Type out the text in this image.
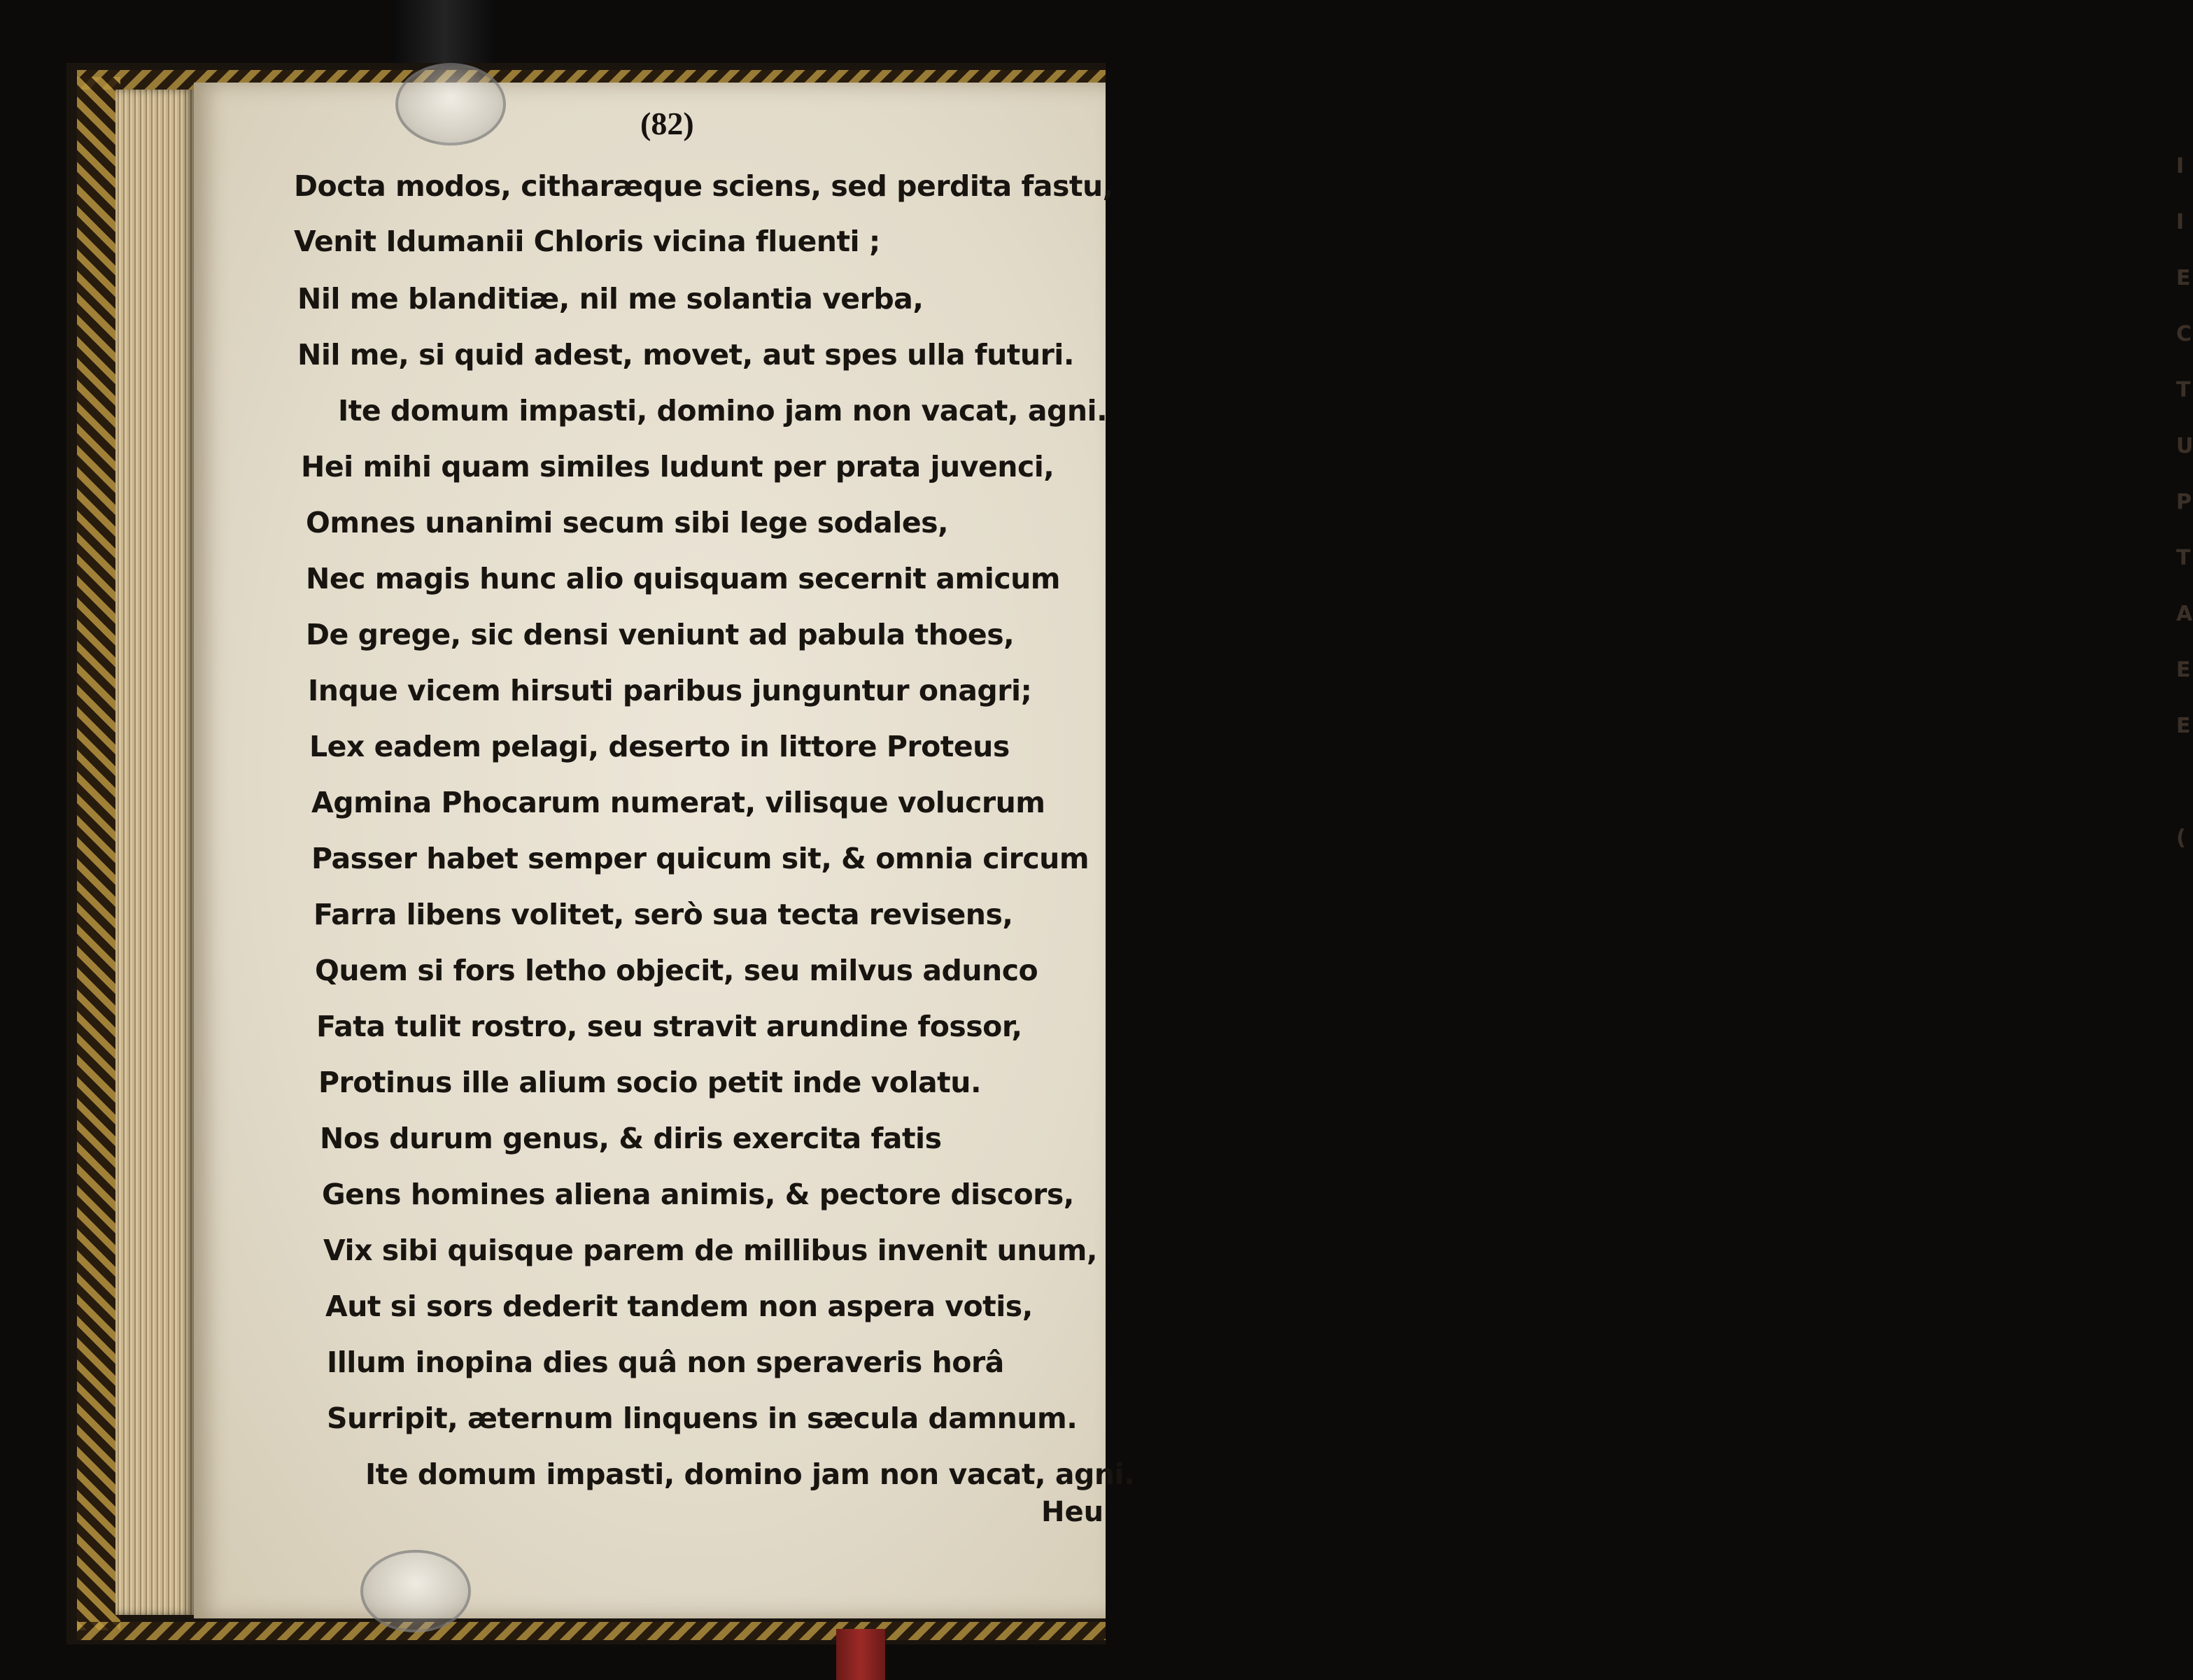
(82)
Docta modos, citharæque sciens, sed perdita fastu,
Venit Idumanii Chloris vicina fluenti ;
Nil me blanditiæ, nil me solantia verba,
Nil me, si quid adest, movet, aut spes ulla futuri.
Ite domum impasti, domino jam non vacat, agni.
Hei mihi quam similes ludunt per prata juvenci,
Omnes unanimi secum sibi lege sodales,
Nec magis hunc alio quisquam secernit amicum
De grege, sic densi veniunt ad pabula thoes,
Inque vicem hirsuti paribus junguntur onagri;
Lex eadem pelagi, deserto in littore Proteus
Agmina Phocarum numerat, vilisque volucrum
Passer habet semper quicum sit, & omnia circum
Farra libens volitet, serò sua tecta revisens,
Quem si fors letho objecit, seu milvus adunco
Fata tulit rostro, seu stravit arundine fossor,
Protinus ille alium socio petit inde volatu.
Nos durum genus, & diris exercita fatis
Gens homines aliena animis, & pectore discors,
Vix sibi quisque parem de millibus invenit unum,
Aut si sors dederit tandem non aspera votis,
Illum inopina dies quâ non speraveris horâ
Surripit, æternum linquens in sæcula damnum.
Ite domum impasti, domino jam non vacat, agni.
Heu
I
I
E
C
T
U
P
T
A
E
E
(
